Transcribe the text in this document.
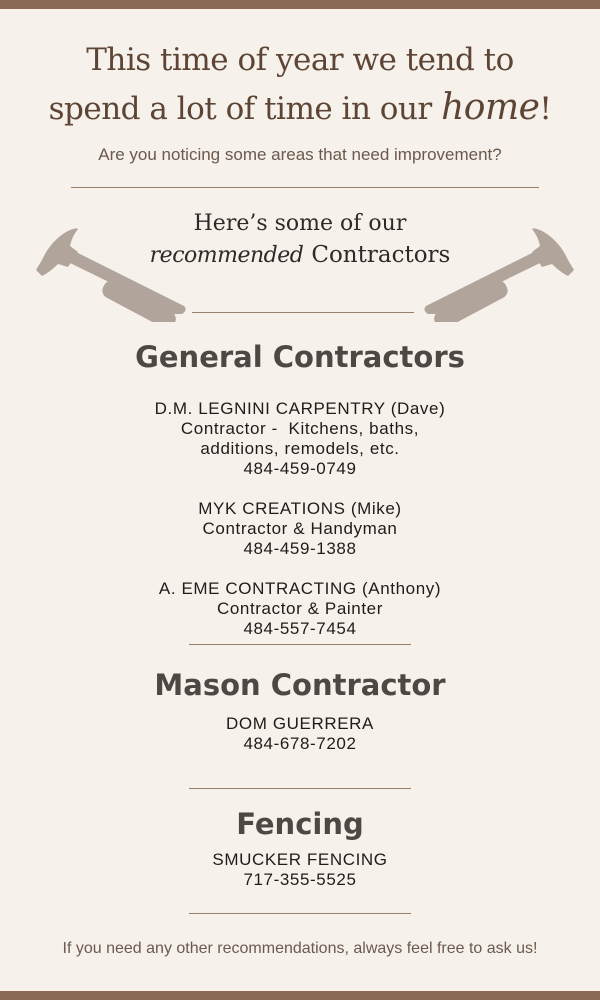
This time of year we tend to
spend a lot of time in our home!
Are you noticing some areas that need improvement?
Here’s some of our
recommended Contractors
General Contractors
D.M. LEGNINI CARPENTRY (Dave)
Contractor -  Kitchens, baths,
additions, remodels, etc.
484-459-0749
MYK CREATIONS (Mike)
Contractor & Handyman
484-459-1388
A. EME CONTRACTING (Anthony)
Contractor & Painter
484-557-7454
Mason Contractor
DOM GUERRERA
484-678-7202
Fencing
SMUCKER FENCING
717-355-5525
If you need any other recommendations, always feel free to ask us!
